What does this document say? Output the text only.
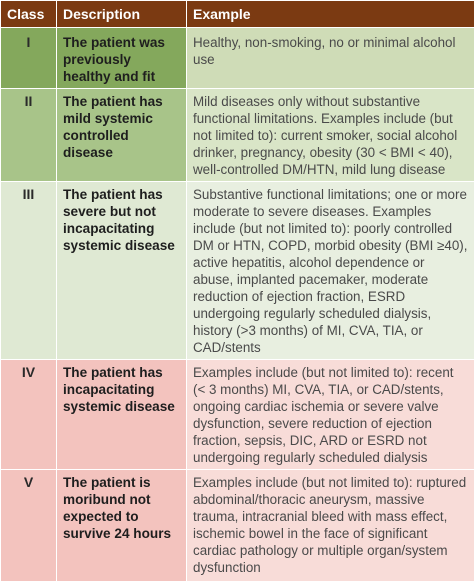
Class	Description	Example
I	The patient was previously healthy and fit	Healthy, non-smoking, no or minimal alcohol use
II	The patient has mild systemic controlled disease	Mild diseases only without substantive functional limitations. Examples include (but not limited to): current smoker, social alcohol drinker, pregnancy, obesity (30 < BMI < 40), well-controlled DM/HTN, mild lung disease
III	The patient has severe but not incapacitating systemic disease	Substantive functional limitations; one or more moderate to severe diseases. Examples include (but not limited to): poorly controlled DM or HTN, COPD, morbid obesity (BMI ≥40), active hepatitis, alcohol dependence or abuse, implanted pacemaker, moderate reduction of ejection fraction, ESRD undergoing regularly scheduled dialysis, history (>3 months) of MI, CVA, TIA, or CAD/stents
IV	The patient has incapacitating systemic disease	Examples include (but not limited to): recent (< 3 months) MI, CVA, TIA, or CAD/stents, ongoing cardiac ischemia or severe valve dysfunction, severe reduction of ejection fraction, sepsis, DIC, ARD or ESRD not undergoing regularly scheduled dialysis
V	The patient is moribund not expected to survive 24 hours	Examples include (but not limited to): ruptured abdominal/thoracic aneurysm, massive trauma, intracranial bleed with mass effect, ischemic bowel in the face of significant cardiac pathology or multiple organ/system dysfunction
